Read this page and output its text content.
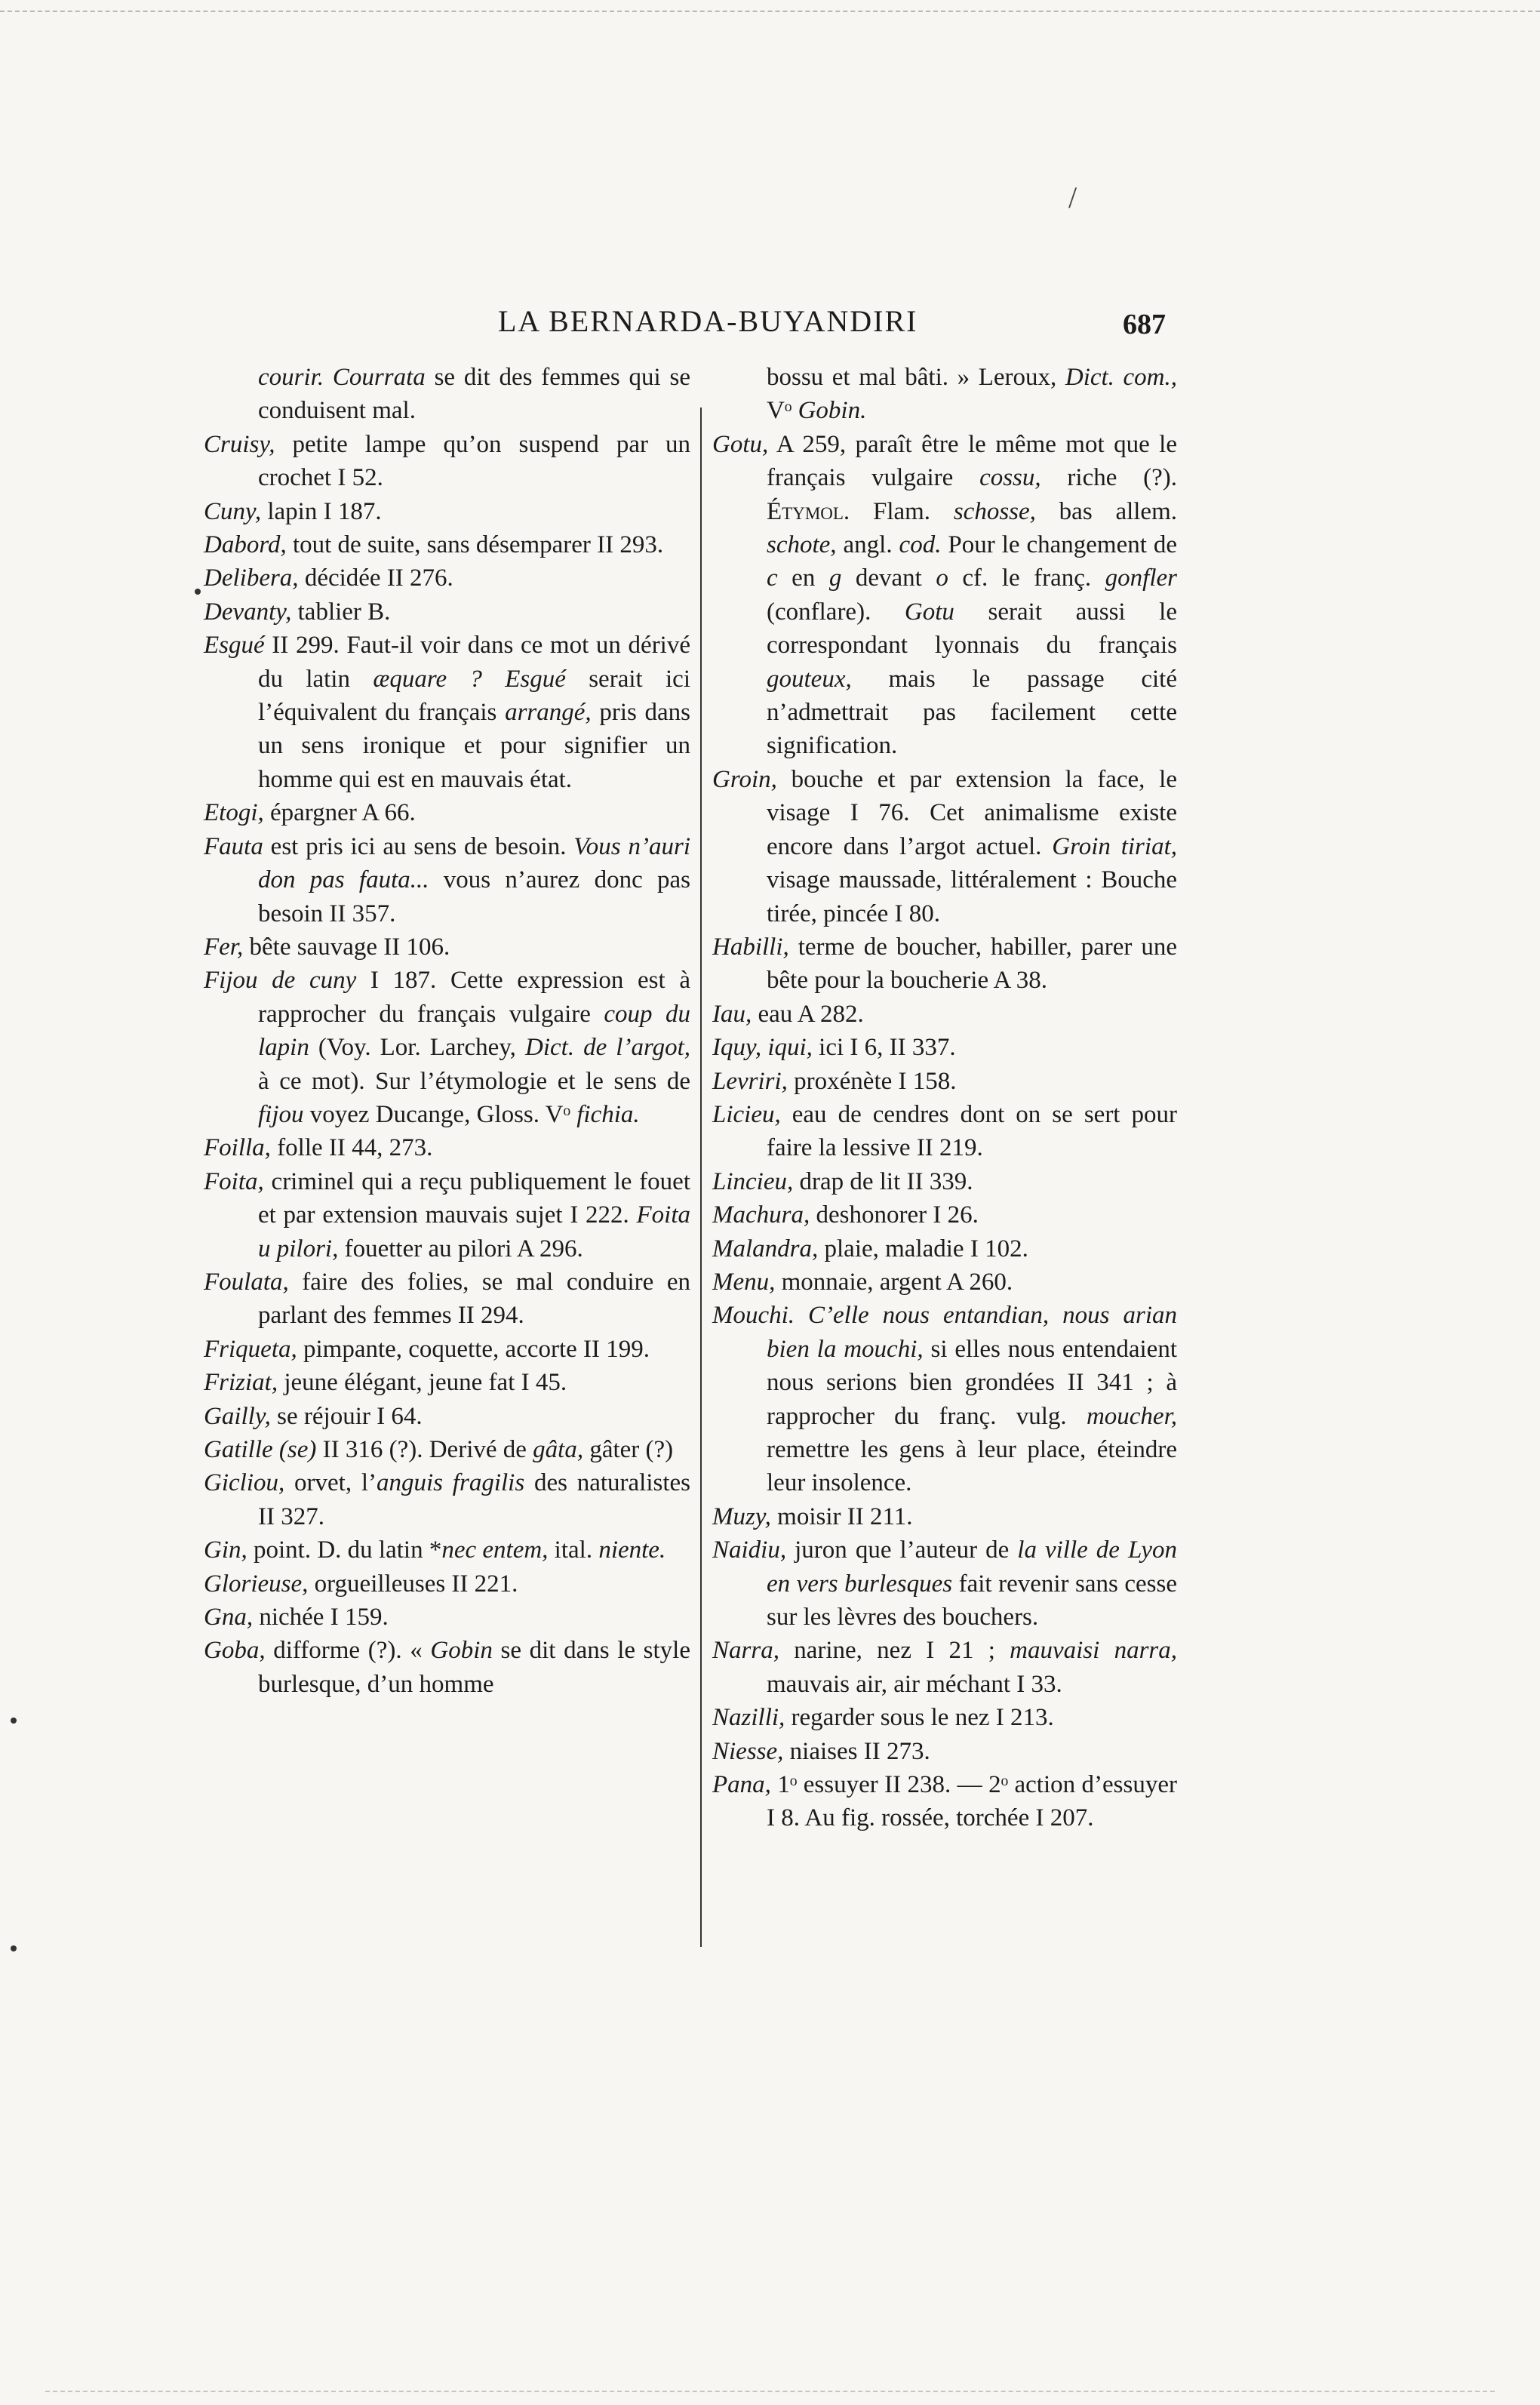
/
LA BERNARDA-BUYANDIRI	687
courir. Courrata se dit des femmes qui se conduisent mal.
Cruisy, petite lampe qu’on suspend par un crochet I 52.
Cuny, lapin I 187.
Dabord, tout de suite, sans désemparer II 293.
Delibera, décidée II 276.
Devanty, tablier B.
Esgué II 299. Faut-il voir dans ce mot un dérivé du latin æquare ? Esgué serait ici l’équivalent du français arrangé, pris dans un sens ironique et pour signifier un homme qui est en mauvais état.
Etogi, épargner A 66.
Fauta est pris ici au sens de besoin. Vous n’auri don pas fauta... vous n’aurez donc pas besoin II 357.
Fer, bête sauvage II 106.
Fijou de cuny I 187. Cette expression est à rapprocher du français vulgaire coup du lapin (Voy. Lor. Larchey, Dict. de l’argot, à ce mot). Sur l’étymologie et le sens de fijou voyez Ducange, Gloss. Vᵒ fichia.
Foilla, folle II 44, 273.
Foita, criminel qui a reçu publiquement le fouet et par extension mauvais sujet I 222. Foita u pilori, fouetter au pilori A 296.
Foulata, faire des folies, se mal conduire en parlant des femmes II 294.
Friqueta, pimpante, coquette, accorte II 199.
Friziat, jeune élégant, jeune fat I 45.
Gailly, se réjouir I 64.
Gatille (se) II 316 (?). Derivé de gâta, gâter (?)
Gicliou, orvet, l’anguis fragilis des naturalistes II 327.
Gin, point. D. du latin *nec entem, ital. niente.
Glorieuse, orgueilleuses II 221.
Gna, nichée I 159.
Goba, difforme (?). « Gobin se dit dans le style burlesque, d’un homme
bossu et mal bâti. » Leroux, Dict. com., Vᵒ Gobin.
Gotu, A 259, paraît être le même mot que le français vulgaire cossu, riche (?). Étymol. Flam. schosse, bas allem. schote, angl. cod. Pour le changement de c en g devant o cf. le franç. gonfler (conflare). Gotu serait aussi le correspondant lyonnais du français gouteux, mais le passage cité n’admettrait pas facilement cette signification.
Groin, bouche et par extension la face, le visage I 76. Cet animalisme existe encore dans l’argot actuel. Groin tiriat, visage maussade, littéralement : Bouche tirée, pincée I 80.
Habilli, terme de boucher, habiller, parer une bête pour la boucherie A 38.
Iau, eau A 282.
Iquy, iqui, ici I 6, II 337.
Levriri, proxénète I 158.
Licieu, eau de cendres dont on se sert pour faire la lessive II 219.
Lincieu, drap de lit II 339.
Machura, deshonorer I 26.
Malandra, plaie, maladie I 102.
Menu, monnaie, argent A 260.
Mouchi. C’elle nous entandian, nous arian bien la mouchi, si elles nous entendaient nous serions bien grondées II 341 ; à rapprocher du franç. vulg. moucher, remettre les gens à leur place, éteindre leur insolence.
Muzy, moisir II 211.
Naidiu, juron que l’auteur de la ville de Lyon en vers burlesques fait revenir sans cesse sur les lèvres des bouchers.
Narra, narine, nez I 21 ; mauvaisi narra, mauvais air, air méchant I 33.
Nazilli, regarder sous le nez I 213.
Niesse, niaises II 273.
Pana, 1ᵒ essuyer II 238. — 2ᵒ action d’essuyer I 8. Au fig. rossée, torchée I 207.
